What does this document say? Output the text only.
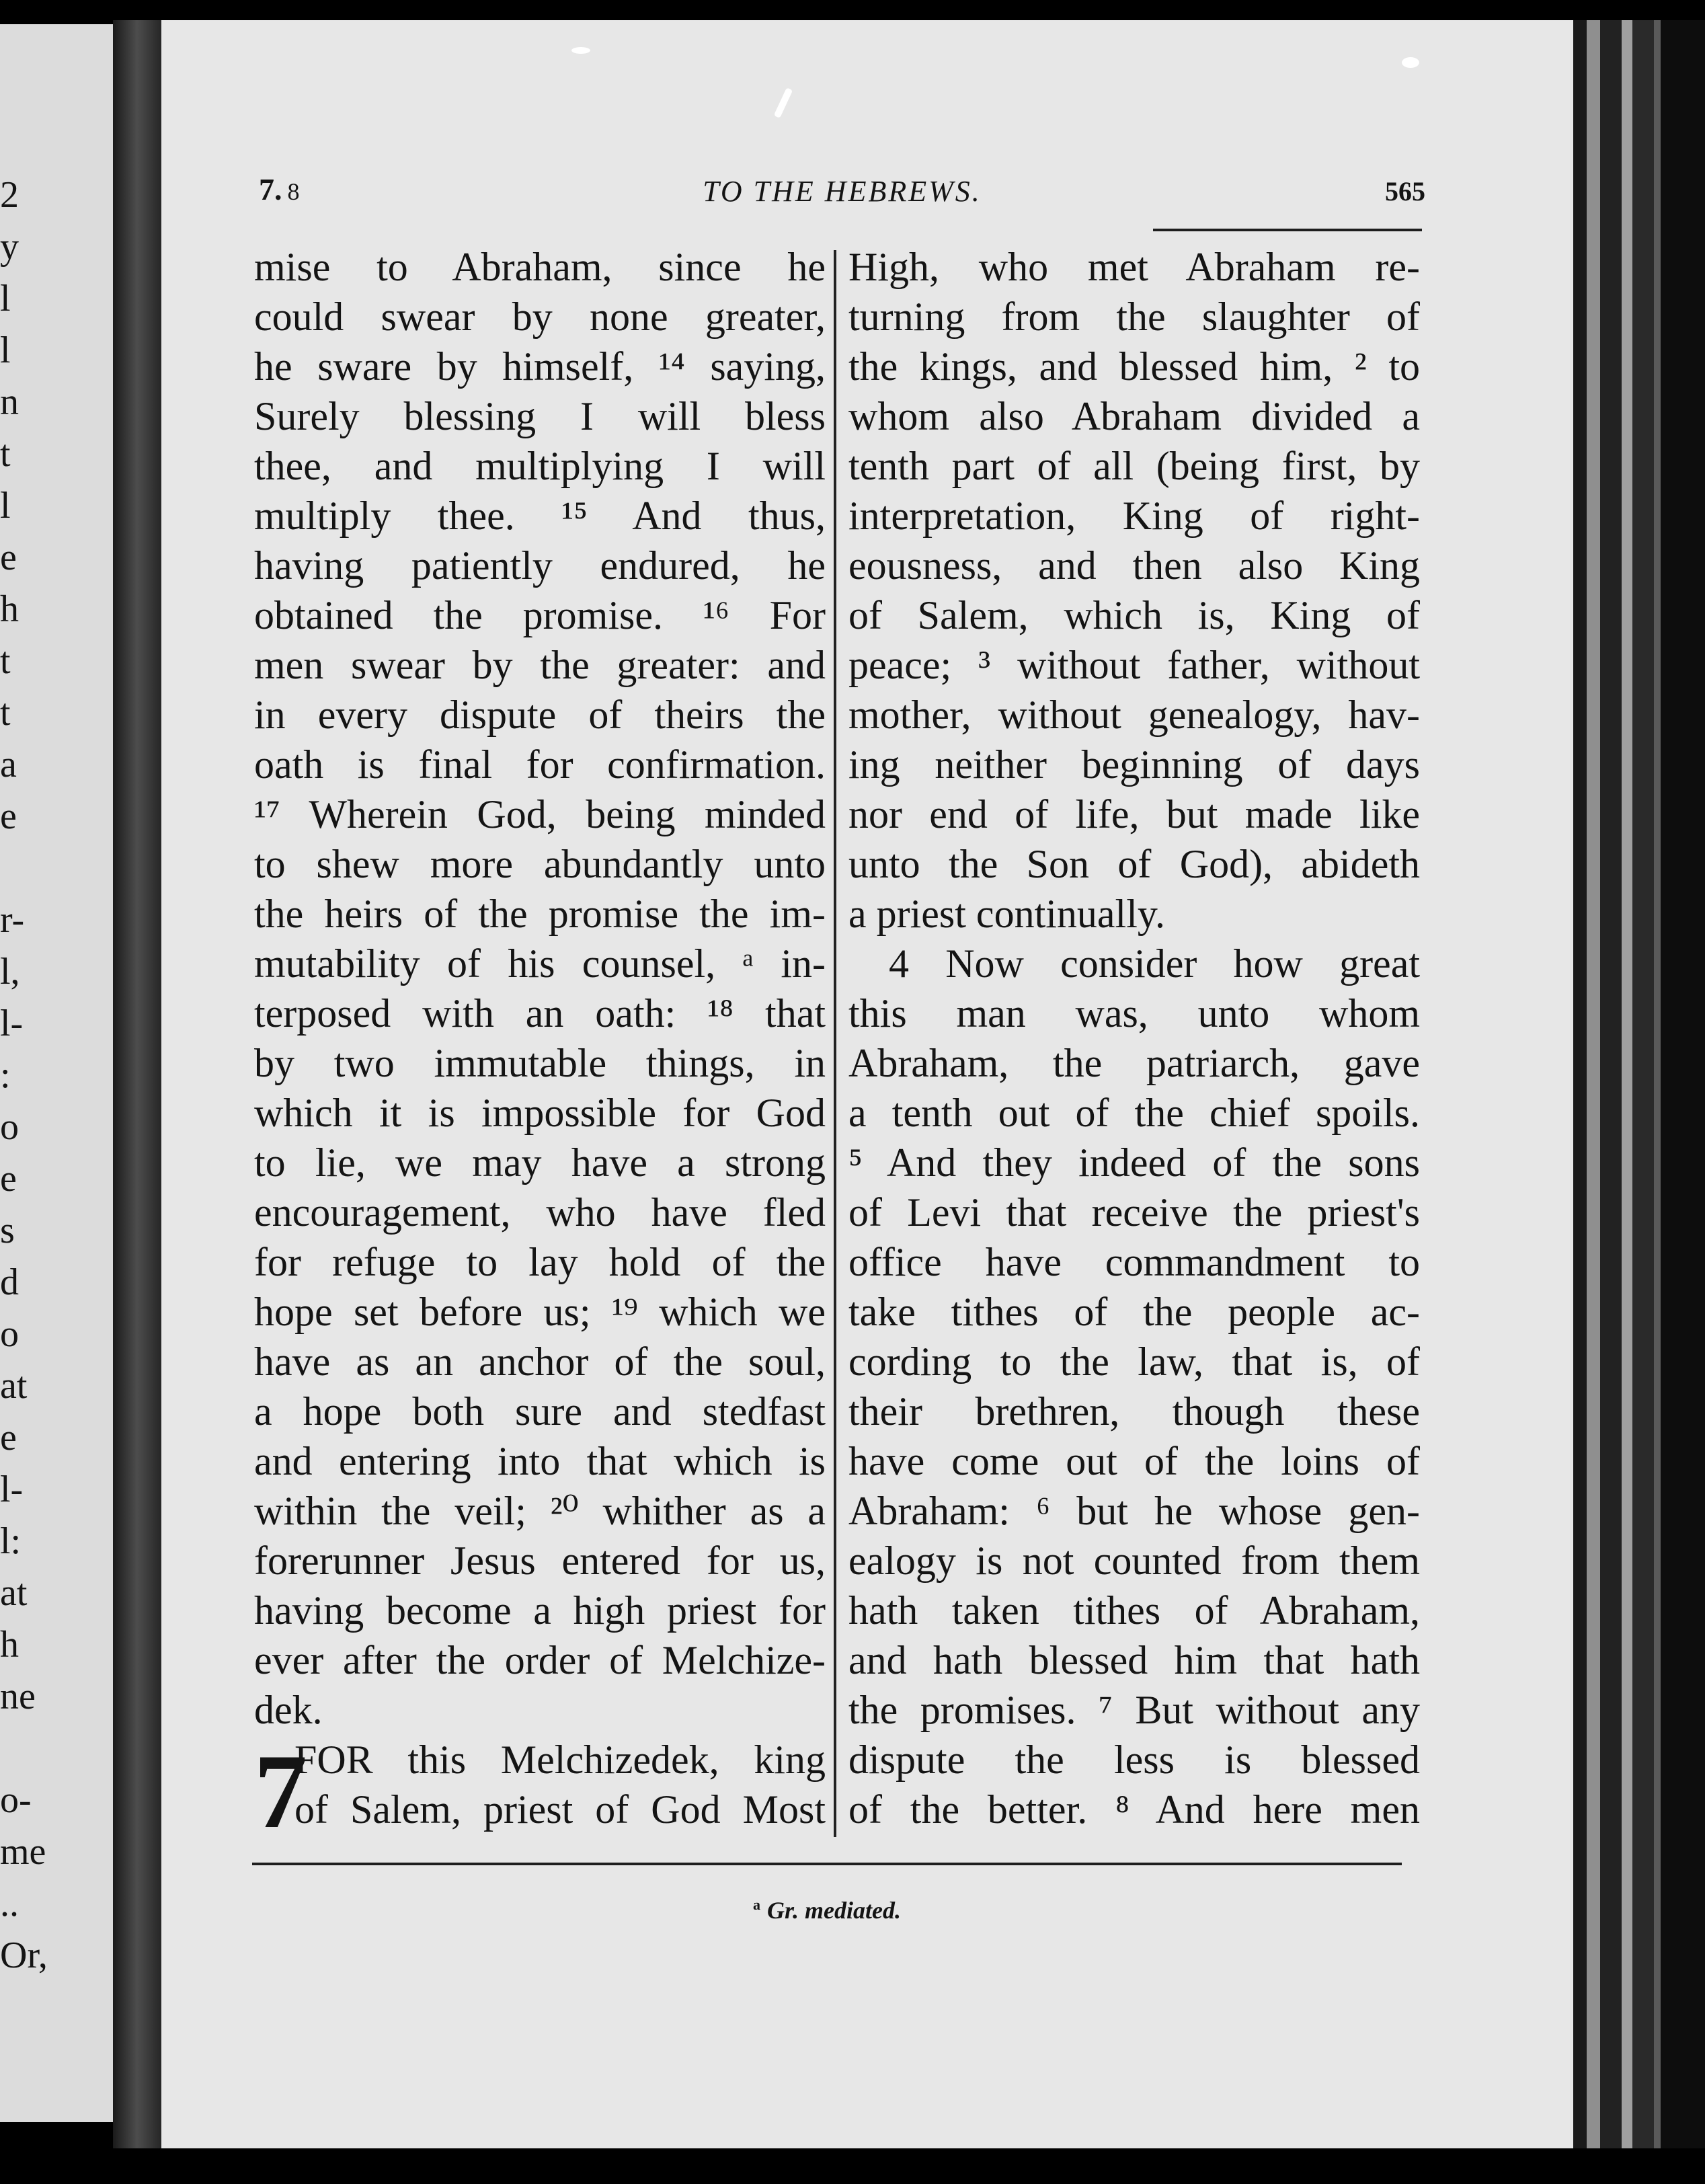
2
y
l
l
n
t
l
e
h
t
t
a
e
r-
l,
l-
:
o
e
s
d
o
at
e
l-
l:
at
h
ne
o-
me
..
Or,
7. 8	TO THE HEBREWS.	565
7
mise to Abraham, since he
could swear by none greater,
he sware by himself, ¹⁴ saying,
Surely blessing I will bless
thee, and multiplying I will
multiply thee. ¹⁵ And thus,
having patiently endured, he
obtained the promise. ¹⁶ For
men swear by the greater: and
in every dispute of theirs the
oath is final for confirmation.
¹⁷ Wherein God, being minded
to shew more abundantly unto
the heirs of the promise the im-
mutability of his counsel, ᵃ in-
terposed with an oath: ¹⁸ that
by two immutable things, in
which it is impossible for God
to lie, we may have a strong
encouragement, who have fled
for refuge to lay hold of the
hope set before us; ¹⁹ which we
have as an anchor of the soul,
a hope both sure and stedfast
and entering into that which is
within the veil; ²⁰ whither as a
forerunner Jesus entered for us,
having become a high priest for
ever after the order of Melchize-
dek.
FOR this Melchizedek, king
of Salem, priest of God Most
High, who met Abraham re-
turning from the slaughter of
the kings, and blessed him, ² to
whom also Abraham divided a
tenth part of all (being first, by
interpretation, King of right-
eousness, and then also King
of Salem, which is, King of
peace; ³ without father, without
mother, without genealogy, hav-
ing neither beginning of days
nor end of life, but made like
unto the Son of God), abideth
a priest continually.
4 Now consider how great
this man was, unto whom
Abraham, the patriarch, gave
a tenth out of the chief spoils.
⁵ And they indeed of the sons
of Levi that receive the priest's
office have commandment to
take tithes of the people ac-
cording to the law, that is, of
their brethren, though these
have come out of the loins of
Abraham: ⁶ but he whose gen-
ealogy is not counted from them
hath taken tithes of Abraham,
and hath blessed him that hath
the promises. ⁷ But without any
dispute the less is blessed
of the better. ⁸ And here men
$^a$ Gr. mediated.
